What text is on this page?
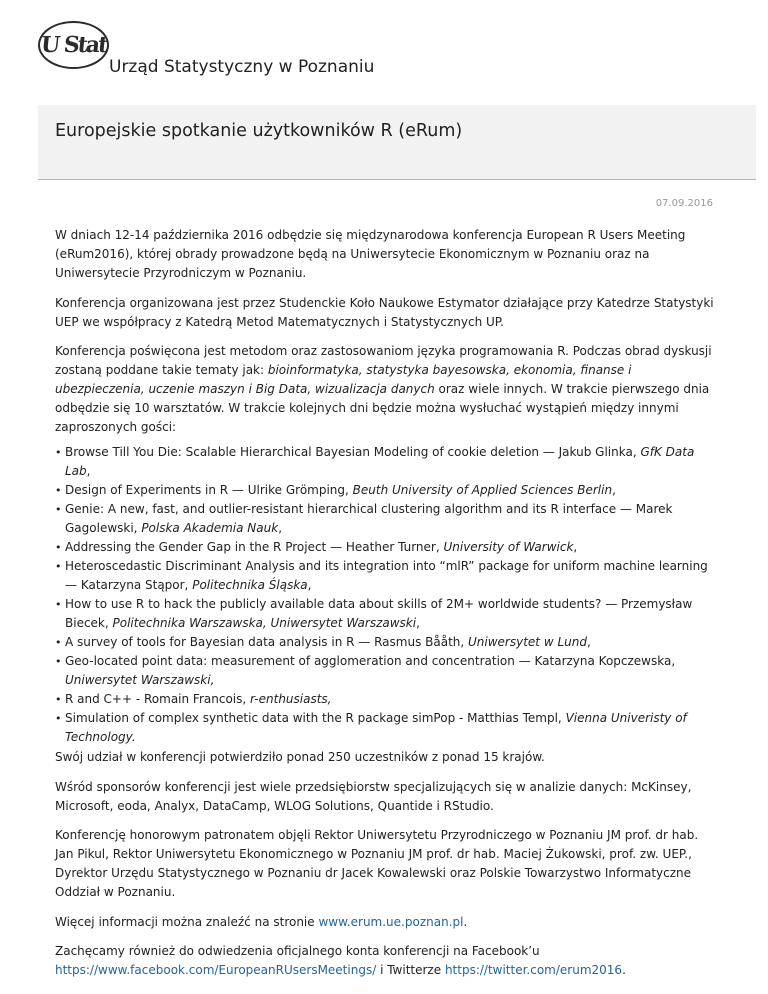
U Stat
Urząd Statystyczny w Poznaniu
Europejskie spotkanie użytkowników R (eRum)
07.09.2016

W dniach 12-14 października 2016 odbędzie się międzynarodowa konferencja European R Users Meeting (eRum2016), której obrady prowadzone będą na Uniwersytecie Ekonomicznym w Poznaniu oraz na Uniwersytecie Przyrodniczym w Poznaniu.

Konferencja organizowana jest przez Studenckie Koło Naukowe Estymator działające przy Katedrze Statystyki UEP we współpracy z Katedrą Metod Matematycznych i Statystycznych UP.

Konferencja poświęcona jest metodom oraz zastosowaniom języka programowania R. Podczas obrad dyskusji zostaną poddane takie tematy jak: bioinformatyka, statystyka bayesowska, ekonomia, finanse i ubezpieczenia, uczenie maszyn i Big Data, wizualizacja danych oraz wiele innych. W trakcie pierwszego dnia odbędzie się 10 warsztatów. W trakcie kolejnych dni będzie można wysłuchać wystąpień między innymi zaproszonych gości:

• Browse Till You Die: Scalable Hierarchical Bayesian Modeling of cookie deletion — Jakub Glinka, GfK Data Lab,
• Design of Experiments in R — Ulrike Grömping, Beuth University of Applied Sciences Berlin,
• Genie: A new, fast, and outlier-resistant hierarchical clustering algorithm and its R interface — Marek Gagolewski, Polska Akademia Nauk,
• Addressing the Gender Gap in the R Project — Heather Turner, University of Warwick,
• Heteroscedastic Discriminant Analysis and its integration into “mlR” package for uniform machine learning — Katarzyna Stąpor, Politechnika Śląska,
• How to use R to hack the publicly available data about skills of 2M+ worldwide students? — Przemysław Biecek, Politechnika Warszawska, Uniwersytet Warszawski,
• A survey of tools for Bayesian data analysis in R — Rasmus Bååth, Uniwersytet w Lund,
• Geo-located point data: measurement of agglomeration and concentration — Katarzyna Kopczewska, Uniwersytet Warszawski,
• R and C++ - Romain Francois, r-enthusiasts,
• Simulation of complex synthetic data with the R package simPop - Matthias Templ, Vienna Univeristy of Technology.

Swój udział w konferencji potwierdziło ponad 250 uczestników z ponad 15 krajów.

Wśród sponsorów konferencji jest wiele przedsiębiorstw specjalizujących się w analizie danych: McKinsey, Microsoft, eoda, Analyx, DataCamp, WLOG Solutions, Quantide i RStudio.

Konferencję honorowym patronatem objęli Rektor Uniwersytetu Przyrodniczego w Poznaniu JM prof. dr hab. Jan Pikul, Rektor Uniwersytetu Ekonomicznego w Poznaniu JM prof. dr hab. Maciej Żukowski, prof. zw. UEP., Dyrektor Urzędu Statystycznego w Poznaniu dr Jacek Kowalewski oraz Polskie Towarzystwo Informatyczne Oddział w Poznaniu.

Więcej informacji można znaleźć na stronie www.erum.ue.poznan.pl.

Zachęcamy również do odwiedzenia oficjalnego konta konferencji na Facebook’u https://www.facebook.com/EuropeanRUsersMeetings/ i Twitterze https://twitter.com/erum2016.
